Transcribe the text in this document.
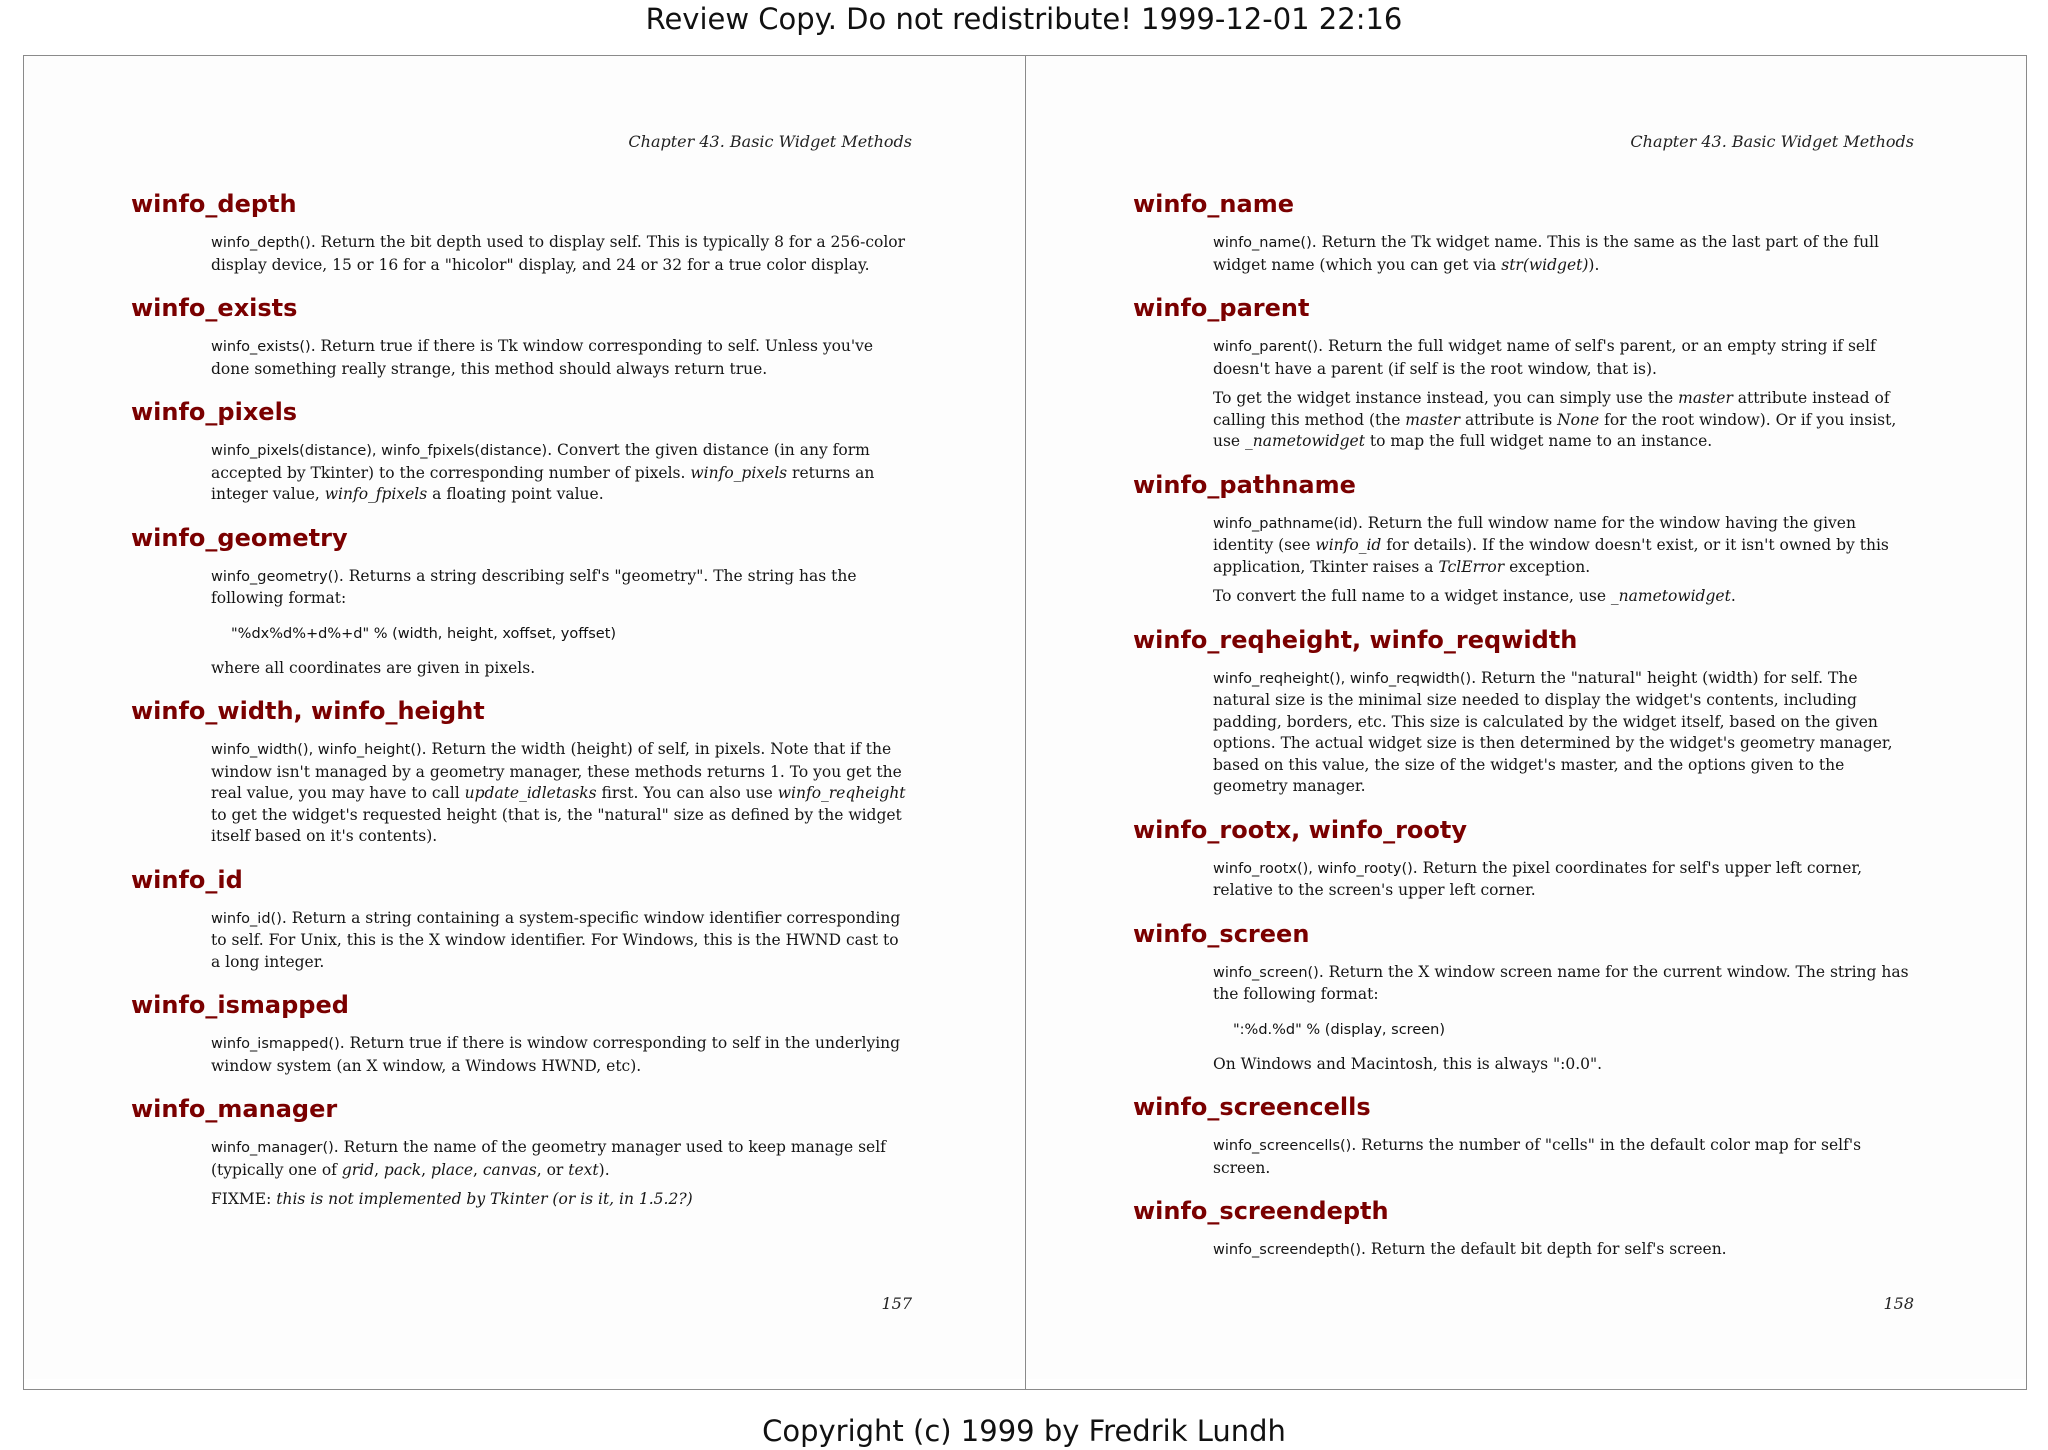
Review Copy. Do not redistribute! 1999-12-01 22:16
Chapter 43. Basic Widget Methods
winfo_depth

winfo_depth(). Return the bit depth used to display self. This is typically 8 for a 256-color display device, 15 or 16 for a "hicolor" display, and 24 or 32 for a true color display.

winfo_exists

winfo_exists(). Return true if there is Tk window corresponding to self. Unless you've done something really strange, this method should always return true.

winfo_pixels

winfo_pixels(distance), winfo_fpixels(distance). Convert the given distance (in any form accepted by Tkinter) to the corresponding number of pixels. winfo_pixels returns an integer value, winfo_fpixels a floating point value.

winfo_geometry

winfo_geometry(). Returns a string describing self's "geometry". The string has the following format:

"%dx%d%+d%+d" % (width, height, xoffset, yoffset)

where all coordinates are given in pixels.

winfo_width, winfo_height

winfo_width(), winfo_height(). Return the width (height) of self, in pixels. Note that if the window isn't managed by a geometry manager, these methods returns 1. To you get the real value, you may have to call update_idletasks first. You can also use winfo_reqheight to get the widget's requested height (that is, the "natural" size as defined by the widget itself based on it's contents).

winfo_id

winfo_id(). Return a string containing a system-specific window identifier corresponding to self. For Unix, this is the X window identifier. For Windows, this is the HWND cast to a long integer.

winfo_ismapped

winfo_ismapped(). Return true if there is window corresponding to self in the underlying window system (an X window, a Windows HWND, etc).

winfo_manager

winfo_manager(). Return the name of the geometry manager used to keep manage self (typically one of grid, pack, place, canvas, or text).

FIXME: this is not implemented by Tkinter (or is it, in 1.5.2?)

157
Chapter 43. Basic Widget Methods
winfo_name

winfo_name(). Return the Tk widget name. This is the same as the last part of the full widget name (which you can get via str(widget)).

winfo_parent

winfo_parent(). Return the full widget name of self's parent, or an empty string if self doesn't have a parent (if self is the root window, that is).

To get the widget instance instead, you can simply use the master attribute instead of calling this method (the master attribute is None for the root window). Or if you insist, use _nametowidget to map the full widget name to an instance.

winfo_pathname

winfo_pathname(id). Return the full window name for the window having the given identity (see winfo_id for details). If the window doesn't exist, or it isn't owned by this application, Tkinter raises a TclError exception.

To convert the full name to a widget instance, use _nametowidget.

winfo_reqheight, winfo_reqwidth

winfo_reqheight(), winfo_reqwidth(). Return the "natural" height (width) for self. The natural size is the minimal size needed to display the widget's contents, including padding, borders, etc. This size is calculated by the widget itself, based on the given options. The actual widget size is then determined by the widget's geometry manager, based on this value, the size of the widget's master, and the options given to the geometry manager.

winfo_rootx, winfo_rooty

winfo_rootx(), winfo_rooty(). Return the pixel coordinates for self's upper left corner, relative to the screen's upper left corner.

winfo_screen

winfo_screen(). Return the X window screen name for the current window. The string has the following format:

":%d.%d" % (display, screen)

On Windows and Macintosh, this is always ":0.0".

winfo_screencells

winfo_screencells(). Returns the number of "cells" in the default color map for self's screen.

winfo_screendepth

winfo_screendepth(). Return the default bit depth for self's screen.

158
Copyright (c) 1999 by Fredrik Lundh
